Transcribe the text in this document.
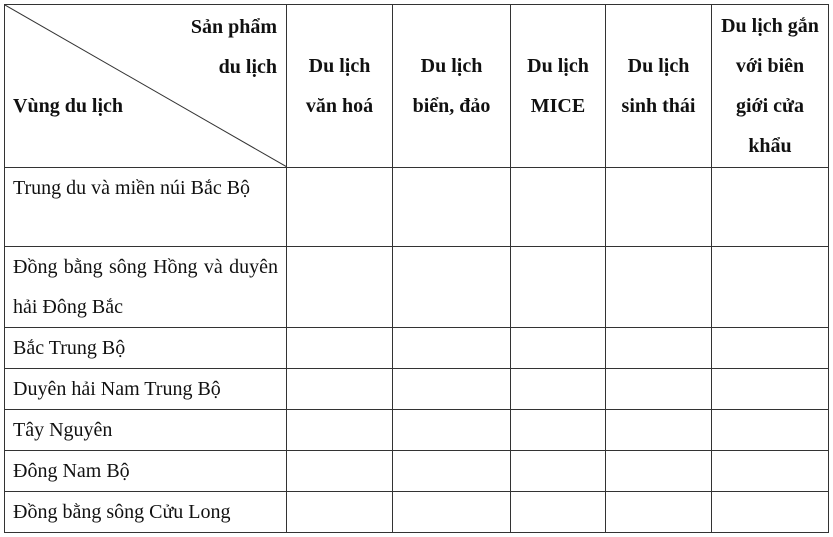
Sản phẩm du lịch
Vùng du lịch	Du lịch văn hoá	Du lịch biển, đảo	Du lịch MICE	Du lịch sinh thái	Du lịch gắn với biên giới cửa khẩu
Trung du và miền núi Bắc Bộ					
Đồng bằng sông Hồng và duyên hải Đông Bắc					
Bắc Trung Bộ					
Duyên hải Nam Trung Bộ					
Tây Nguyên					
Đông Nam Bộ					
Đồng bằng sông Cửu Long					
